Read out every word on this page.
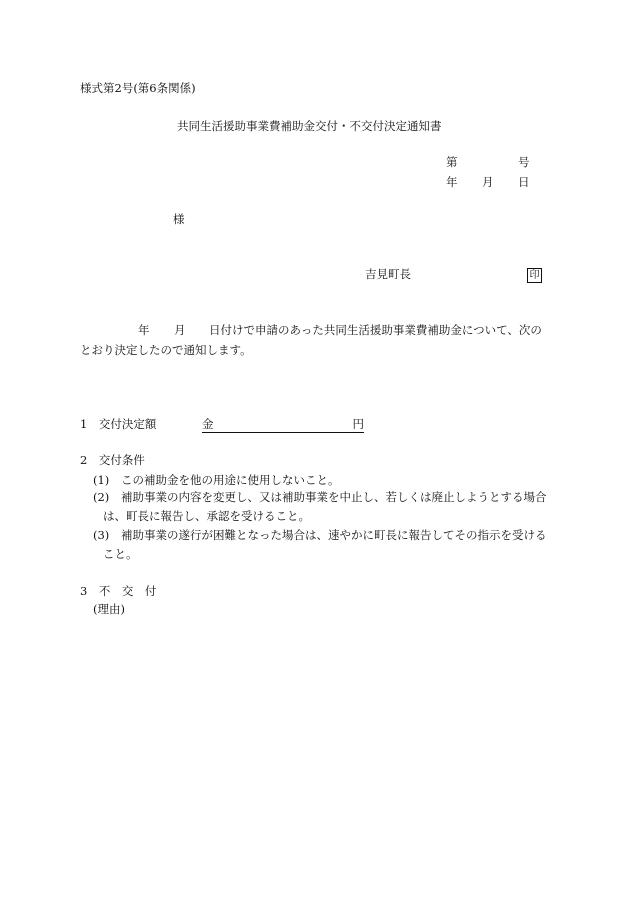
様式第2号(第6条関係)
共同生活援助事業費補助金交付・不交付決定通知書
第	号
年 月 日
様
吉見町長	印
年 月 日付けで申請のあった共同生活援助事業費補助金について、次の
とおり決定したので通知します。
1　交付決定額	金	円
2　交付条件
(1) この補助金を他の用途に使用しないこと。
(2) 補助事業の内容を変更し、又は補助事業を中止し、若しくは廃止しようとする場合
は、町長に報告し、承認を受けること。
(3) 補助事業の遂行が困難となった場合は、速やかに町長に報告してその指示を受ける
こと。
3　不　交　付
(理由)
